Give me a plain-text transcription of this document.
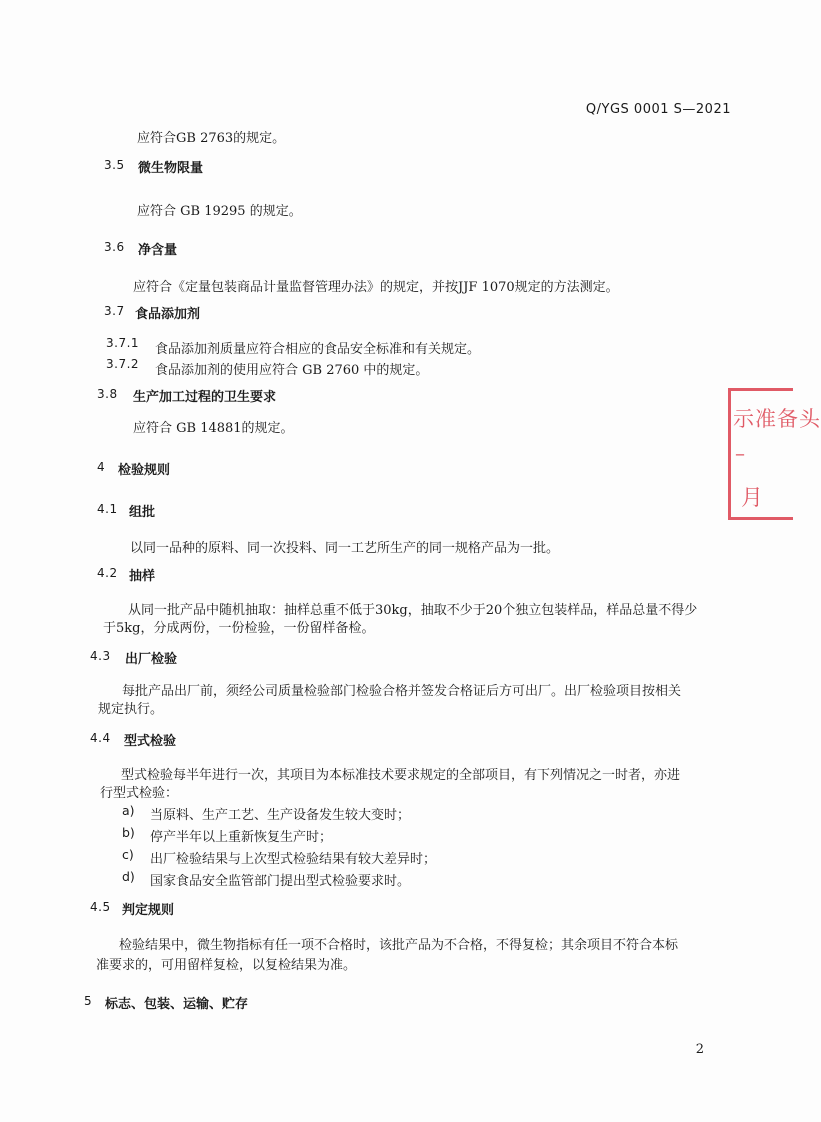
Q/YGS 0001 S—2021
应符合GB 2763的规定。
3.5 微生物限量
应符合 GB 19295 的规定。
3.6 净含量
应符合《定量包装商品计量监督管理办法》的规定，并按JJF 1070规定的方法测定。
3.7 食品添加剂
3.7.1 食品添加剂质量应符合相应的食品安全标准和有关规定。
3.7.2 食品添加剂的使用应符合 GB 2760 中的规定。
3.8 生产加工过程的卫生要求
应符合 GB 14881的规定。
4 检验规则
4.1 组批
以同一品种的原料、同一次投料、同一工艺所生产的同一规格产品为一批。
4.2 抽样
从同一批产品中随机抽取：抽样总重不低于30kg，抽取不少于20个独立包装样品，样品总量不得少
于5kg，分成两份，一份检验，一份留样备检。
4.3 出厂检验
每批产品出厂前，须经公司质量检验部门检验合格并签发合格证后方可出厂。出厂检验项目按相关
规定执行。
4.4 型式检验
型式检验每半年进行一次，其项目为本标准技术要求规定的全部项目，有下列情况之一时者，亦进
行型式检验：
a) 当原料、生产工艺、生产设备发生较大变时；
b) 停产半年以上重新恢复生产时；
c) 出厂检验结果与上次型式检验结果有较大差异时；
d) 国家食品安全监管部门提出型式检验要求时。
4.5 判定规则
检验结果中，微生物指标有任一项不合格时，该批产品为不合格，不得复检；其余项目不符合本标
准要求的，可用留样复检，以复检结果为准。
5 标志、包装、运输、贮存
2
示准备头
–
月
